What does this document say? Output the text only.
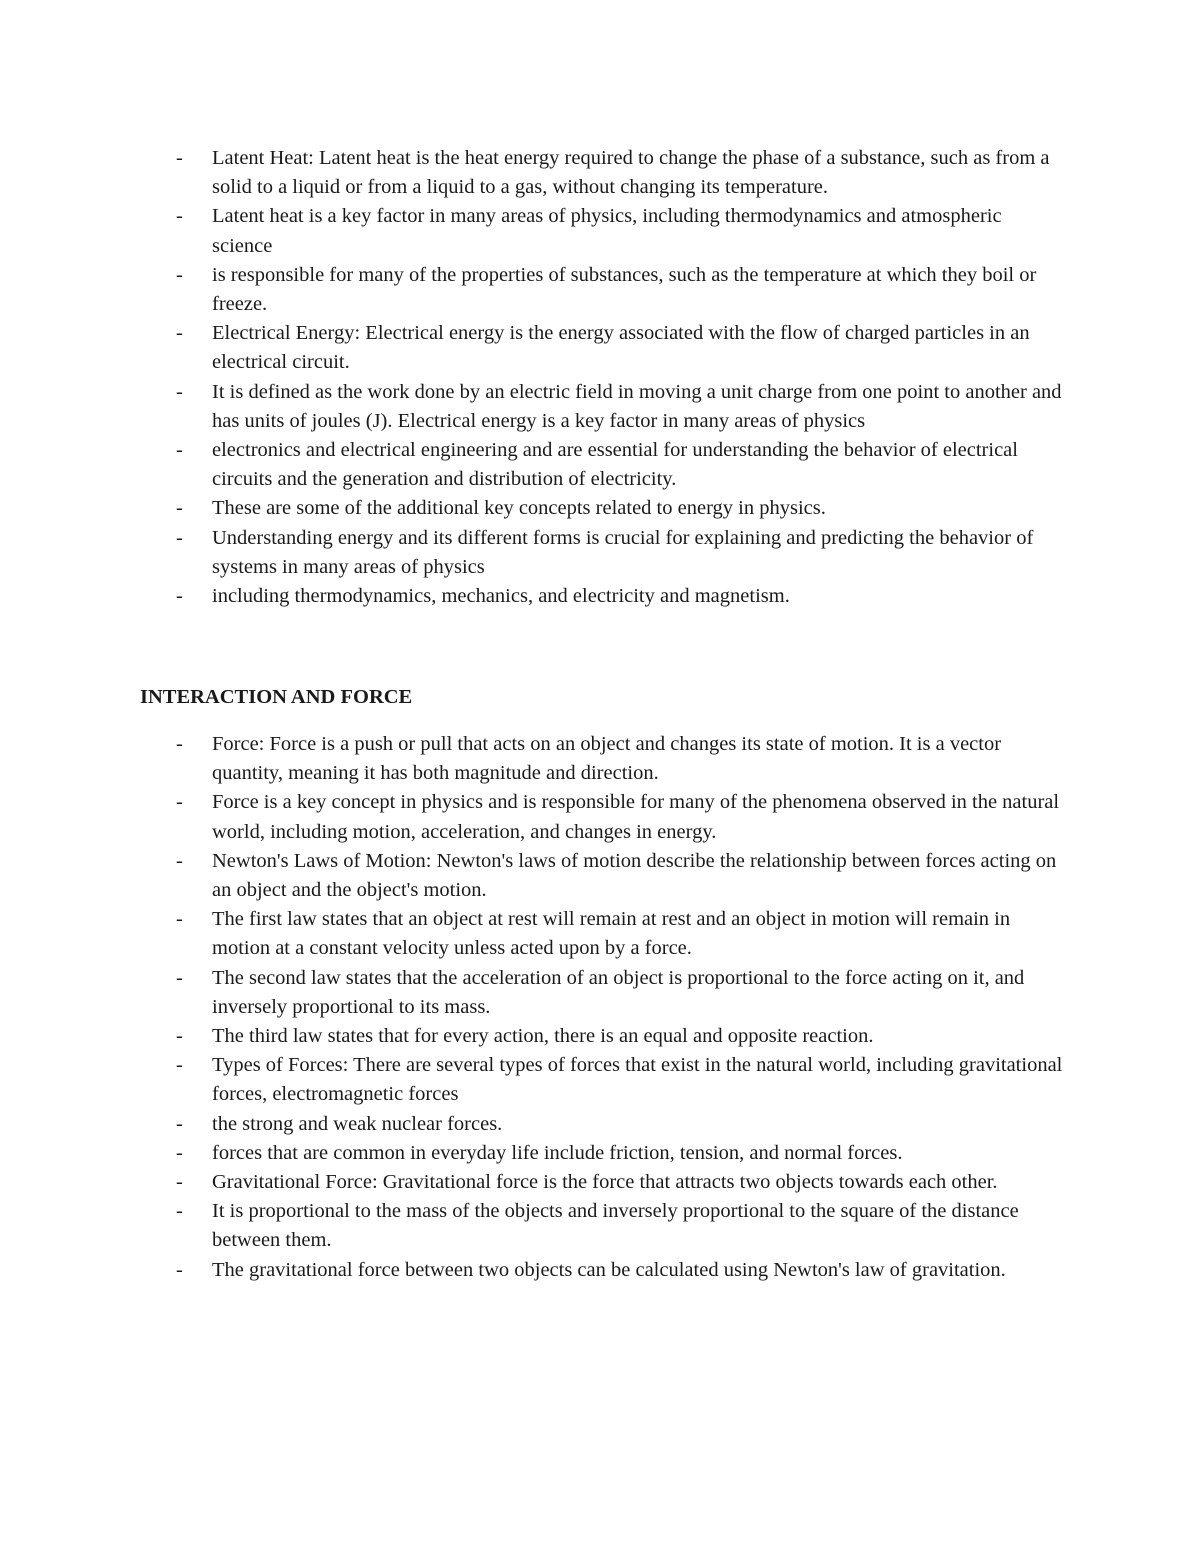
-	Latent Heat: Latent heat is the heat energy required to change the phase of a substance, such as from a solid to a liquid or from a liquid to a gas, without changing its temperature.
-	Latent heat is a key factor in many areas of physics, including thermodynamics and atmospheric science
-	is responsible for many of the properties of substances, such as the temperature at which they boil or freeze.
-	Electrical Energy: Electrical energy is the energy associated with the flow of charged particles in an electrical circuit.
-	It is defined as the work done by an electric field in moving a unit charge from one point to another and has units of joules (J). Electrical energy is a key factor in many areas of physics
-	electronics and electrical engineering and are essential for understanding the behavior of electrical circuits and the generation and distribution of electricity.
-	These are some of the additional key concepts related to energy in physics.
-	Understanding energy and its different forms is crucial for explaining and predicting the behavior of systems in many areas of physics
-	including thermodynamics, mechanics, and electricity and magnetism.
INTERACTION AND FORCE
-	Force: Force is a push or pull that acts on an object and changes its state of motion. It is a vector quantity, meaning it has both magnitude and direction.
-	Force is a key concept in physics and is responsible for many of the phenomena observed in the natural world, including motion, acceleration, and changes in energy.
-	Newton's Laws of Motion: Newton's laws of motion describe the relationship between forces acting on an object and the object's motion.
-	The first law states that an object at rest will remain at rest and an object in motion will remain in motion at a constant velocity unless acted upon by a force.
-	The second law states that the acceleration of an object is proportional to the force acting on it, and inversely proportional to its mass.
-	The third law states that for every action, there is an equal and opposite reaction.
-	Types of Forces: There are several types of forces that exist in the natural world, including gravitational forces, electromagnetic forces
-	the strong and weak nuclear forces.
-	forces that are common in everyday life include friction, tension, and normal forces.
-	Gravitational Force: Gravitational force is the force that attracts two objects towards each other.
-	It is proportional to the mass of the objects and inversely proportional to the square of the distance between them.
-	The gravitational force between two objects can be calculated using Newton's law of gravitation.
